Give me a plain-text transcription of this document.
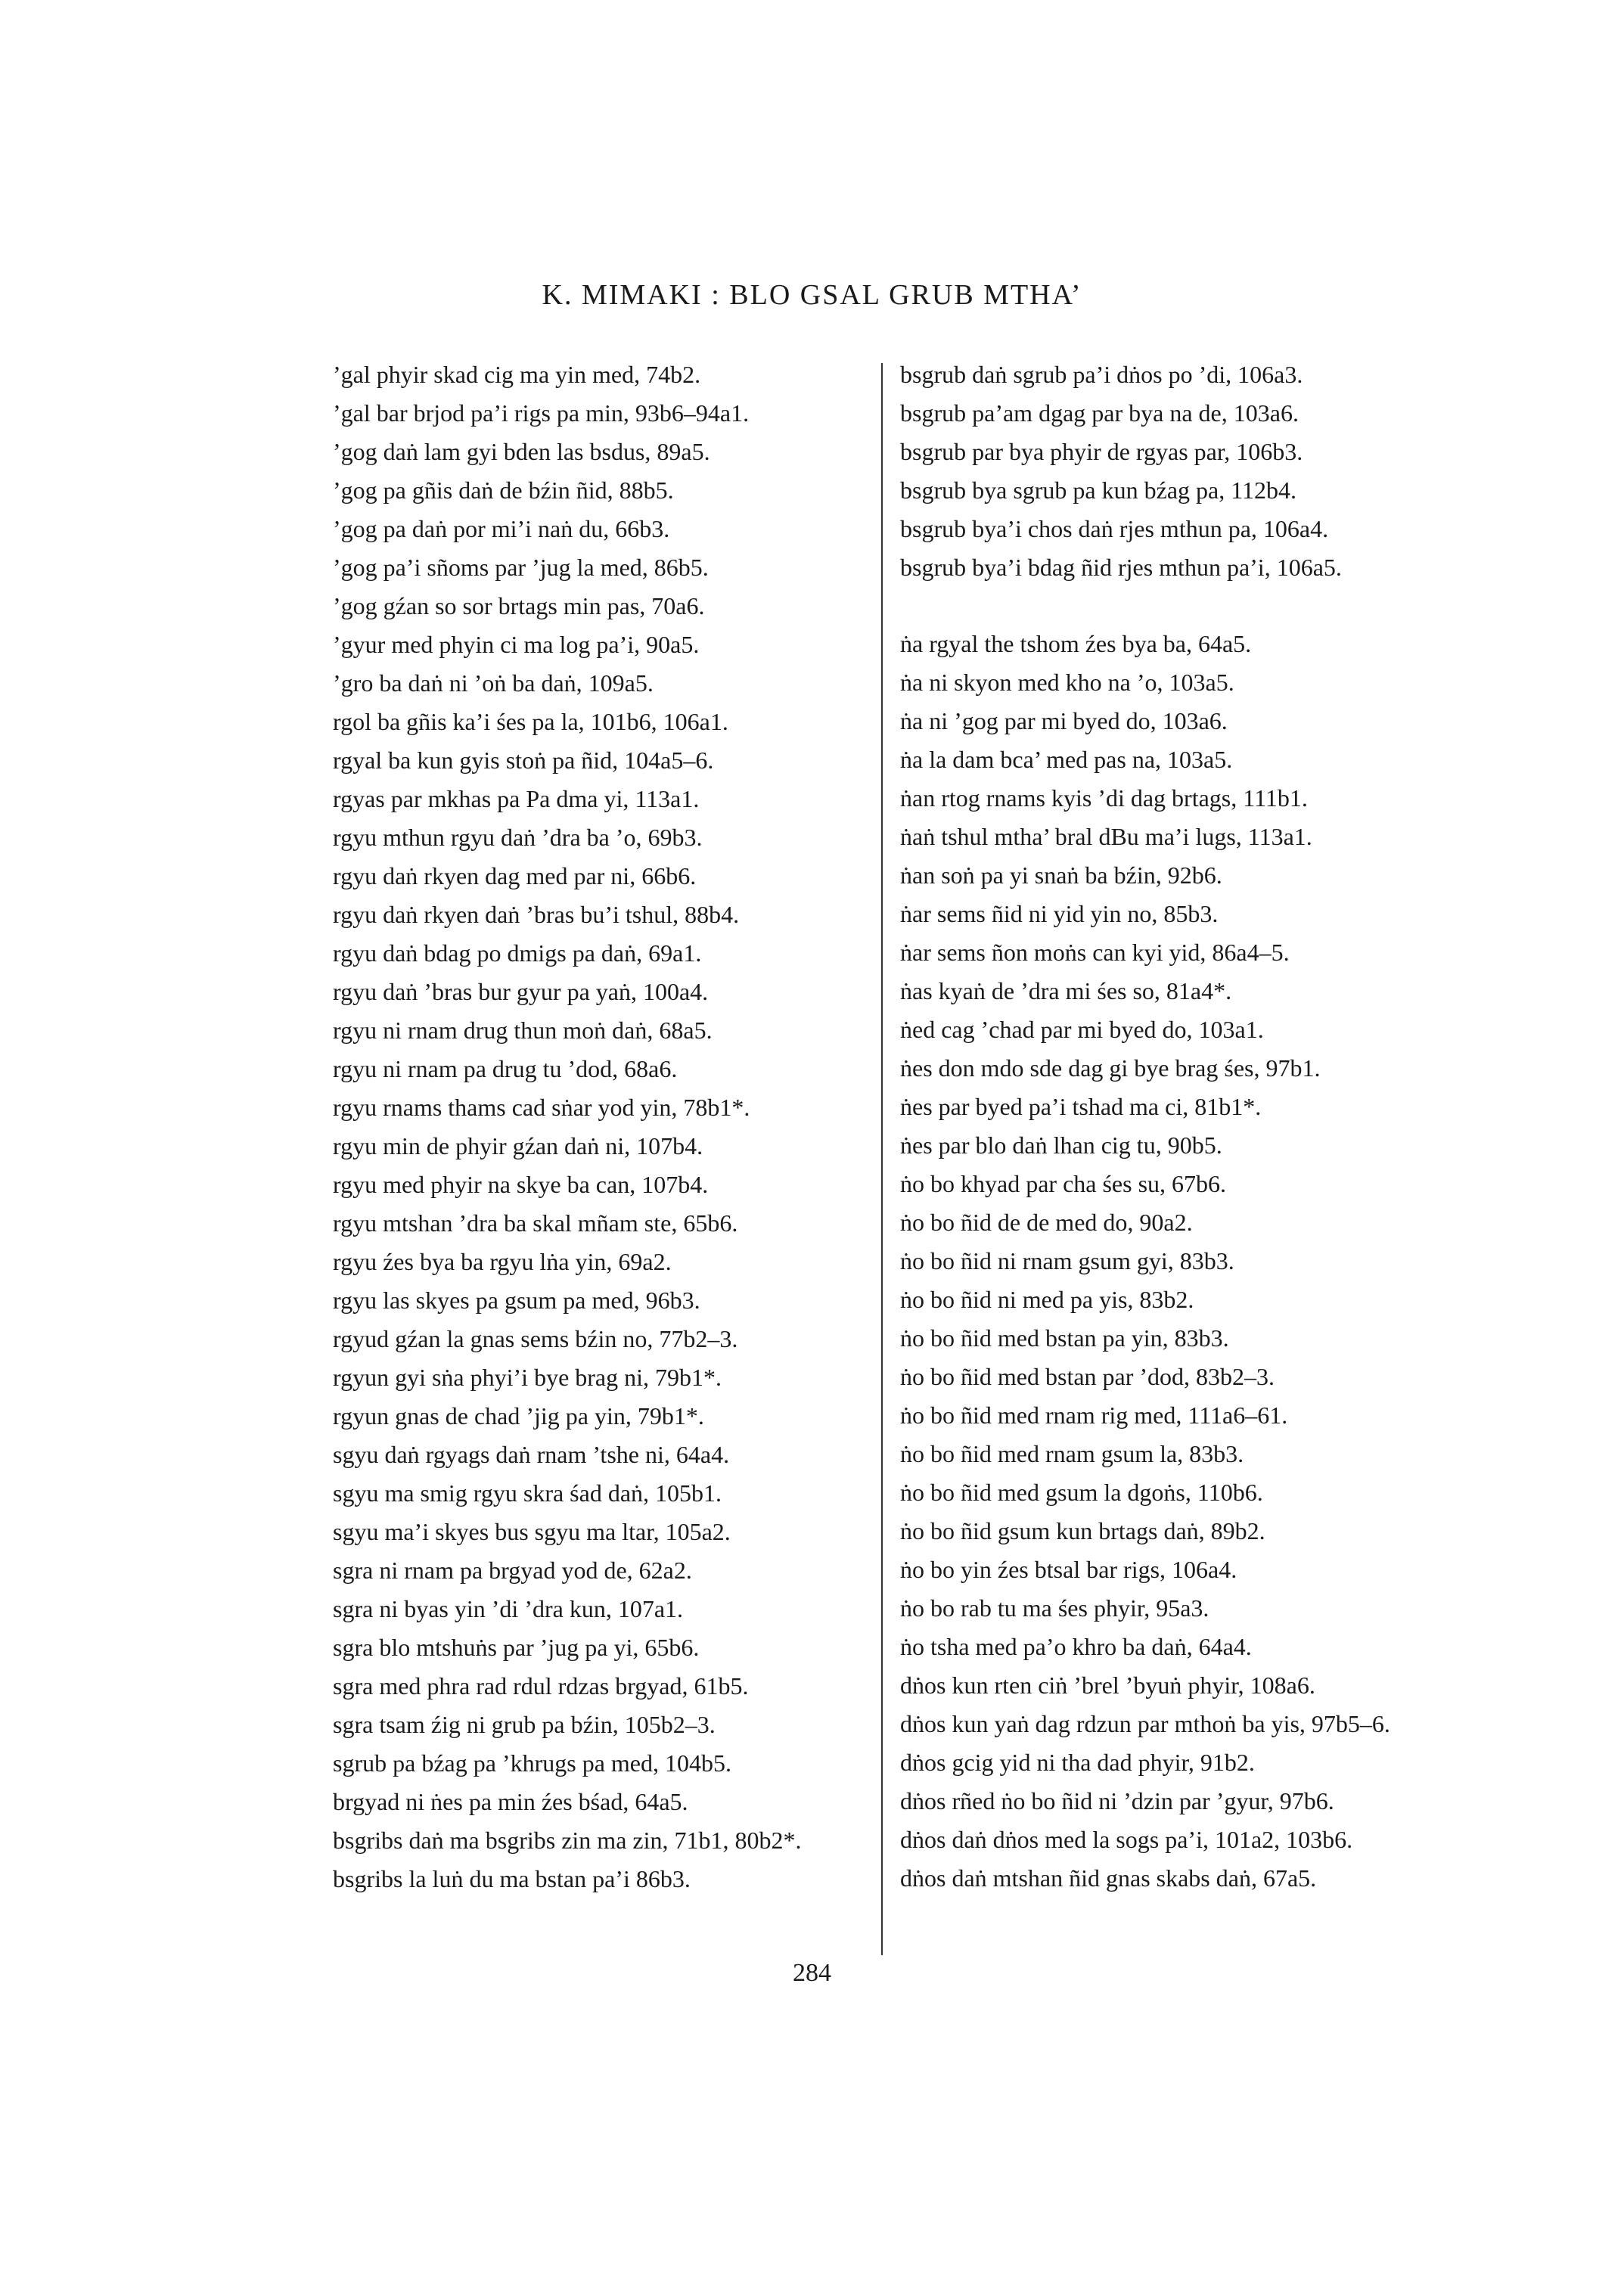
K. MIMAKI : BLO GSAL GRUB MTHA’
’gal phyir skad cig ma yin med, 74b2.
’gal bar brjod pa’i rigs pa min, 93b6–94a1.
’gog daṅ lam gyi bden las bsdus, 89a5.
’gog pa gñis daṅ de bźin ñid, 88b5.
’gog pa daṅ por mi’i naṅ du, 66b3.
’gog pa’i sñoms par ’jug la med, 86b5.
’gog gźan so sor brtags min pas, 70a6.
’gyur med phyin ci ma log pa’i, 90a5.
’gro ba daṅ ni ’oṅ ba daṅ, 109a5.
rgol ba gñis ka’i śes pa la, 101b6, 106a1.
rgyal ba kun gyis stoṅ pa ñid, 104a5–6.
rgyas par mkhas pa Pa dma yi, 113a1.
rgyu mthun rgyu daṅ ’dra ba ’o, 69b3.
rgyu daṅ rkyen dag med par ni, 66b6.
rgyu daṅ rkyen daṅ ’bras bu’i tshul, 88b4.
rgyu daṅ bdag po dmigs pa daṅ, 69a1.
rgyu daṅ ’bras bur gyur pa yaṅ, 100a4.
rgyu ni rnam drug thun moṅ daṅ, 68a5.
rgyu ni rnam pa drug tu ’dod, 68a6.
rgyu rnams thams cad sṅar yod yin, 78b1*.
rgyu min de phyir gźan daṅ ni, 107b4.
rgyu med phyir na skye ba can, 107b4.
rgyu mtshan ’dra ba skal mñam ste, 65b6.
rgyu źes bya ba rgyu lṅa yin, 69a2.
rgyu las skyes pa gsum pa med, 96b3.
rgyud gźan la gnas sems bźin no, 77b2–3.
rgyun gyi sṅa phyi’i bye brag ni, 79b1*.
rgyun gnas de chad ’jig pa yin, 79b1*.
sgyu daṅ rgyags daṅ rnam ’tshe ni, 64a4.
sgyu ma smig rgyu skra śad daṅ, 105b1.
sgyu ma’i skyes bus sgyu ma ltar, 105a2.
sgra ni rnam pa brgyad yod de, 62a2.
sgra ni byas yin ’di ’dra kun, 107a1.
sgra blo mtshuṅs par ’jug pa yi, 65b6.
sgra med phra rad rdul rdzas brgyad, 61b5.
sgra tsam źig ni grub pa bźin, 105b2–3.
sgrub pa bźag pa ’khrugs pa med, 104b5.
brgyad ni ṅes pa min źes bśad, 64a5.
bsgribs daṅ ma bsgribs zin ma zin, 71b1, 80b2*.
bsgribs la luṅ du ma bstan pa’i 86b3.
bsgrub daṅ sgrub pa’i dṅos po ’di, 106a3.
bsgrub pa’am dgag par bya na de, 103a6.
bsgrub par bya phyir de rgyas par, 106b3.
bsgrub bya sgrub pa kun bźag pa, 112b4.
bsgrub bya’i chos daṅ rjes mthun pa, 106a4.
bsgrub bya’i bdag ñid rjes mthun pa’i, 106a5.
ṅa rgyal the tshom źes bya ba, 64a5.
ṅa ni skyon med kho na ’o, 103a5.
ṅa ni ’gog par mi byed do, 103a6.
ṅa la dam bca’ med pas na, 103a5.
ṅan rtog rnams kyis ’di dag brtags, 111b1.
ṅaṅ tshul mtha’ bral dBu ma’i lugs, 113a1.
ṅan soṅ pa yi snaṅ ba bźin, 92b6.
ṅar sems ñid ni yid yin no, 85b3.
ṅar sems ñon moṅs can kyi yid, 86a4–5.
ṅas kyaṅ de ’dra mi śes so, 81a4*.
ṅed cag ’chad par mi byed do, 103a1.
ṅes don mdo sde dag gi bye brag śes, 97b1.
ṅes par byed pa’i tshad ma ci, 81b1*.
ṅes par blo daṅ lhan cig tu, 90b5.
ṅo bo khyad par cha śes su, 67b6.
ṅo bo ñid de de med do, 90a2.
ṅo bo ñid ni rnam gsum gyi, 83b3.
ṅo bo ñid ni med pa yis, 83b2.
ṅo bo ñid med bstan pa yin, 83b3.
ṅo bo ñid med bstan par ’dod, 83b2–3.
ṅo bo ñid med rnam rig med, 111a6–61.
ṅo bo ñid med rnam gsum la, 83b3.
ṅo bo ñid med gsum la dgoṅs, 110b6.
ṅo bo ñid gsum kun brtags daṅ, 89b2.
ṅo bo yin źes btsal bar rigs, 106a4.
ṅo bo rab tu ma śes phyir, 95a3.
ṅo tsha med pa’o khro ba daṅ, 64a4.
dṅos kun rten ciṅ ’brel ’byuṅ phyir, 108a6.
dṅos kun yaṅ dag rdzun par mthoṅ ba yis, 97b5–6.
dṅos gcig yid ni tha dad phyir, 91b2.
dṅos rñed ṅo bo ñid ni ’dzin par ’gyur, 97b6.
dṅos daṅ dṅos med la sogs pa’i, 101a2, 103b6.
dṅos daṅ mtshan ñid gnas skabs daṅ, 67a5.
284
